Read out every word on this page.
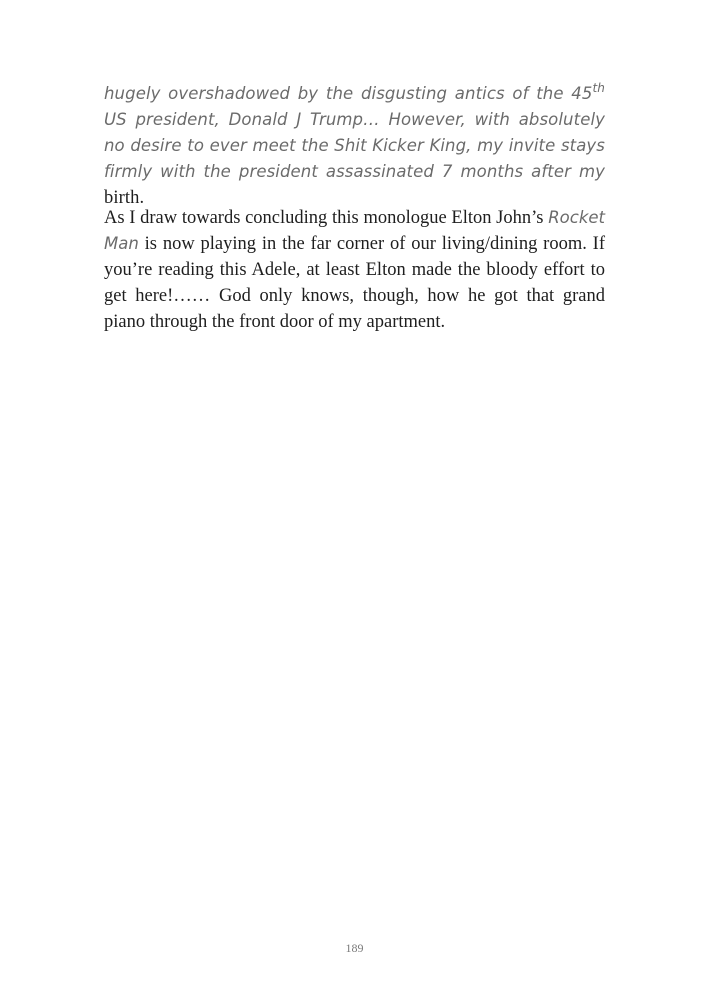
hugely overshadowed by the disgusting antics of the 45th US president, Donald J Trump… However, with absolutely no desire to ever meet the Shit Kicker King, my invite stays firmly with the president assassinated 7 months after my birth.

As I draw towards concluding this monologue Elton John’s Rocket Man is now playing in the far corner of our living/dining room. If you’re reading this Adele, at least Elton made the bloody effort to get here!…… God only knows, though, how he got that grand piano through the front door of my apartment.

189
